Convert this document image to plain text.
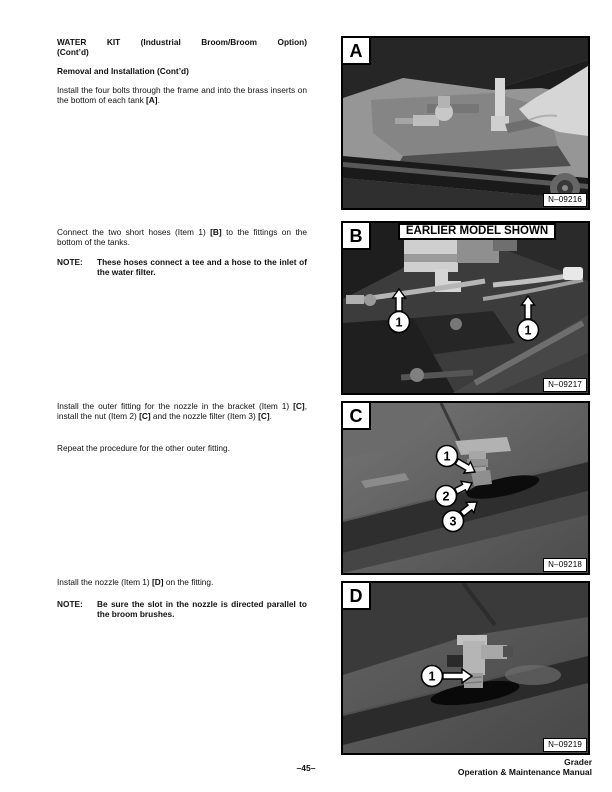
WATER KIT (Industrial Broom/Broom Option)
(Cont’d)
Removal and Installation (Cont’d)

Install the four bolts through the frame and into the brass inserts on the bottom of each tank [A].

Connect the two short hoses (Item 1) [B] to the fittings on the bottom of the tanks.

NOTE:	These hoses connect a tee and a hose to the inlet of the water filter.

Install the outer fitting for the nozzle in the bracket (Item 1) [C], install the nut (Item 2) [C] and the nozzle filter (Item 3) [C].

Repeat the procedure for the other outer fitting.

Install the nozzle (Item 1) [D] on the fitting.

NOTE:	Be sure the slot in the nozzle is directed parallel to the broom brushes.
A
N–09216
1
1
EARLIER MODEL SHOWN
B
N–09217
1
2
3
C
N–09218
1
D
N–09219
–45–
Grader
Operation & Maintenance Manual
